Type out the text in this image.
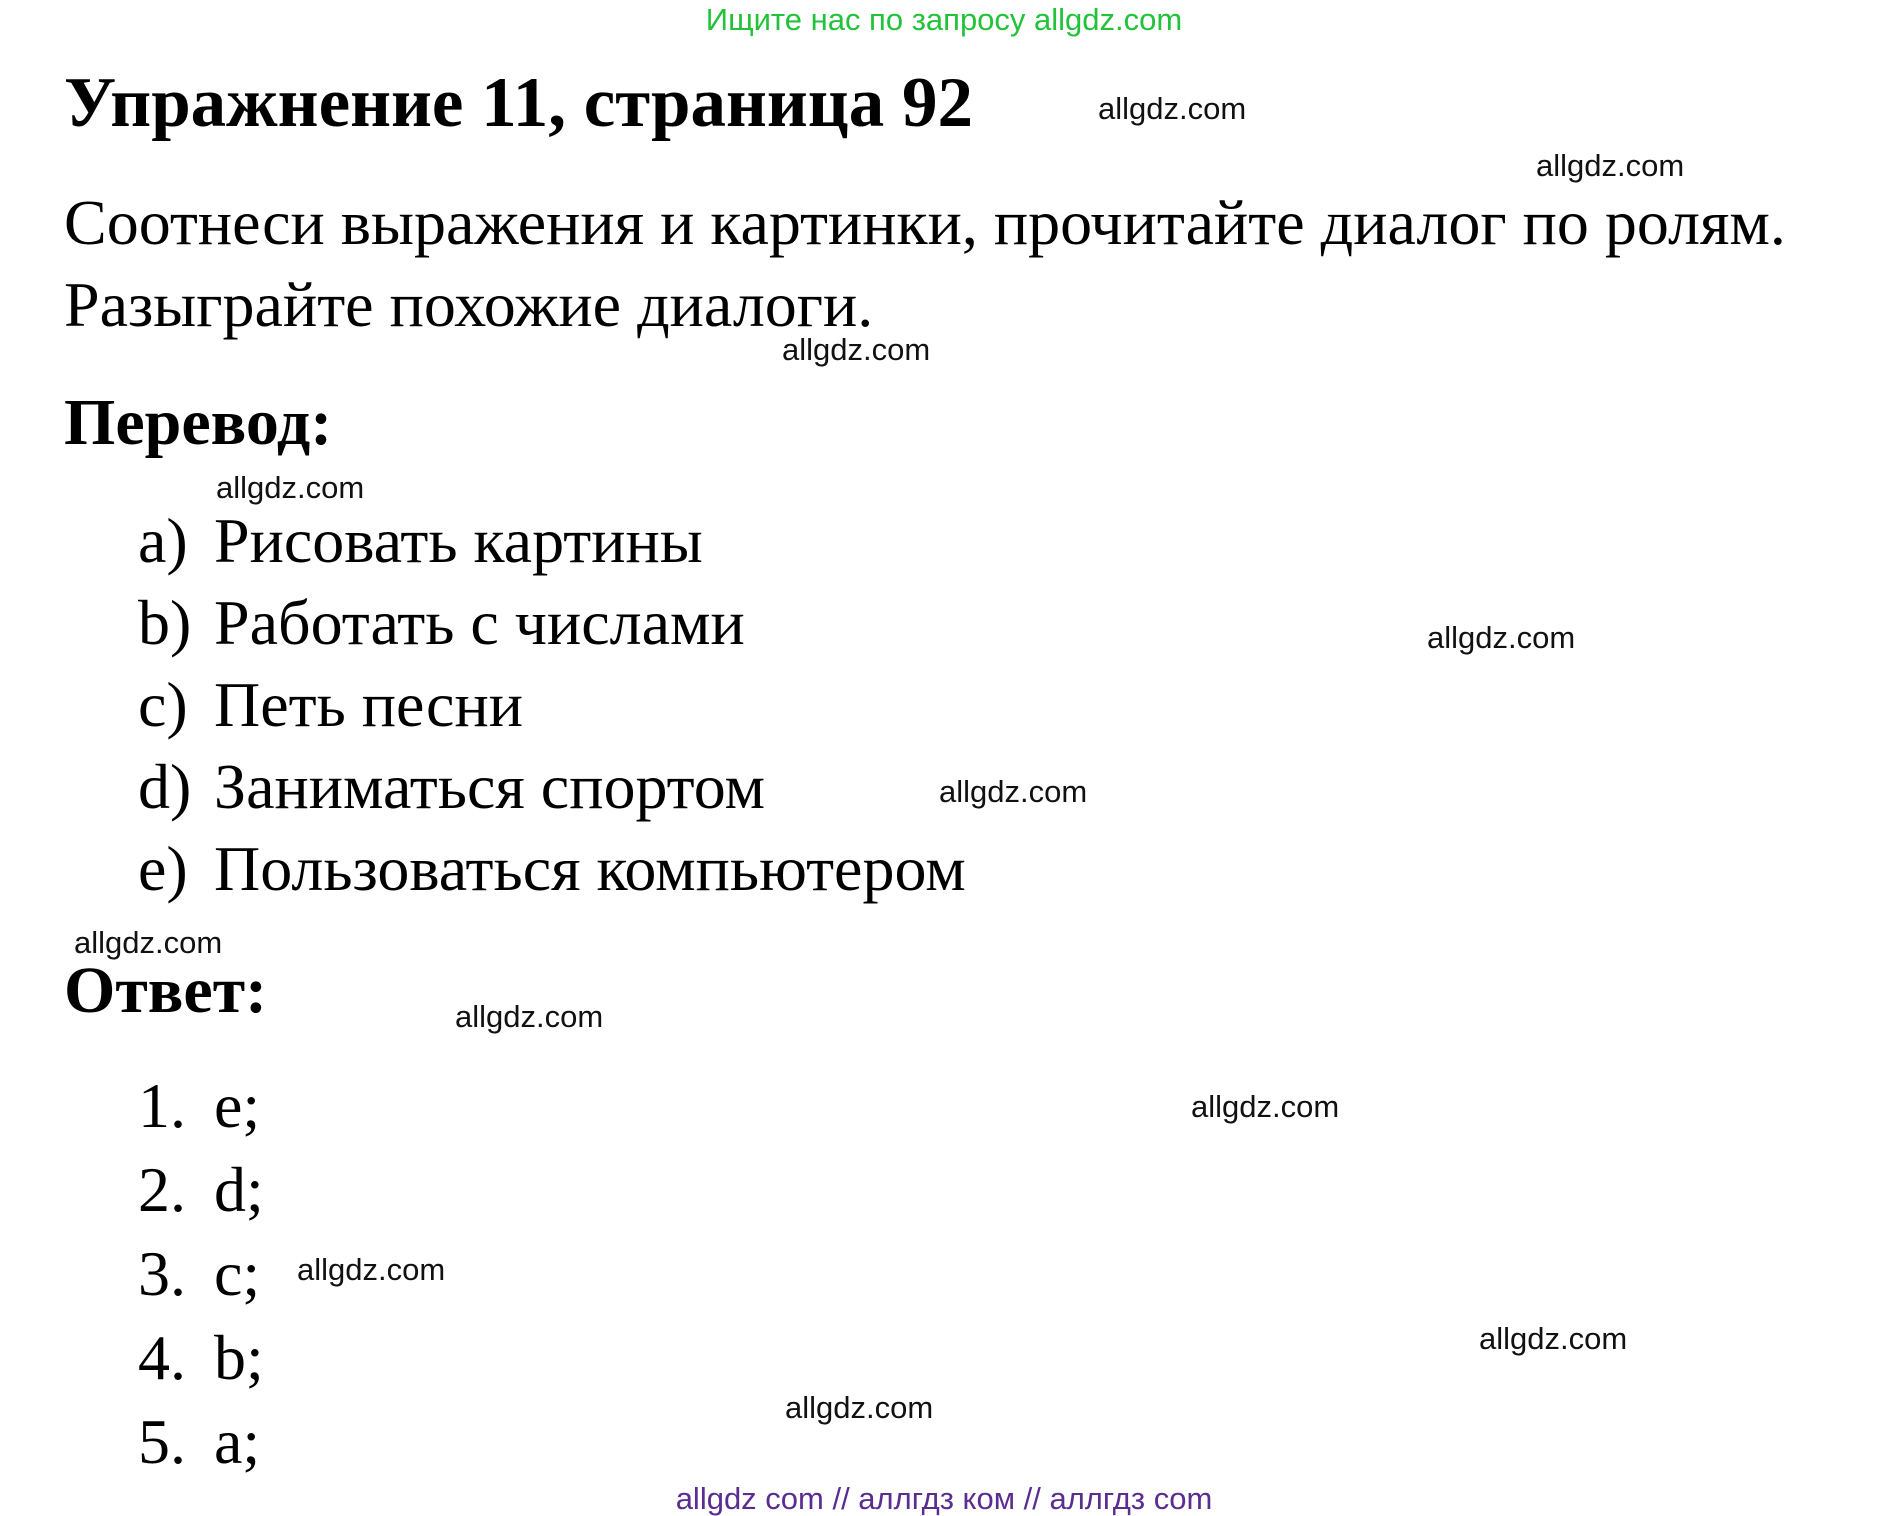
Ищите нас по запросу allgdz.com
Упражнение 11, страница 92
Соотнеси выражения и картинки, прочитайте диалог по ролям.
Разыграйте похожие диалоги.
Перевод:
a) Рисовать картины
b) Работать с числами
c) Петь песни
d) Заниматься спортом
e) Пользоваться компьютером
Ответ:
1. e;
2. d;
3. c;
4. b;
5. a;
allgdz.com
allgdz.com
allgdz.com
allgdz.com
allgdz.com
allgdz.com
allgdz.com
allgdz.com
allgdz.com
allgdz.com
allgdz.com
allgdz.com
allgdz com // аллгдз ком // аллгдз com
